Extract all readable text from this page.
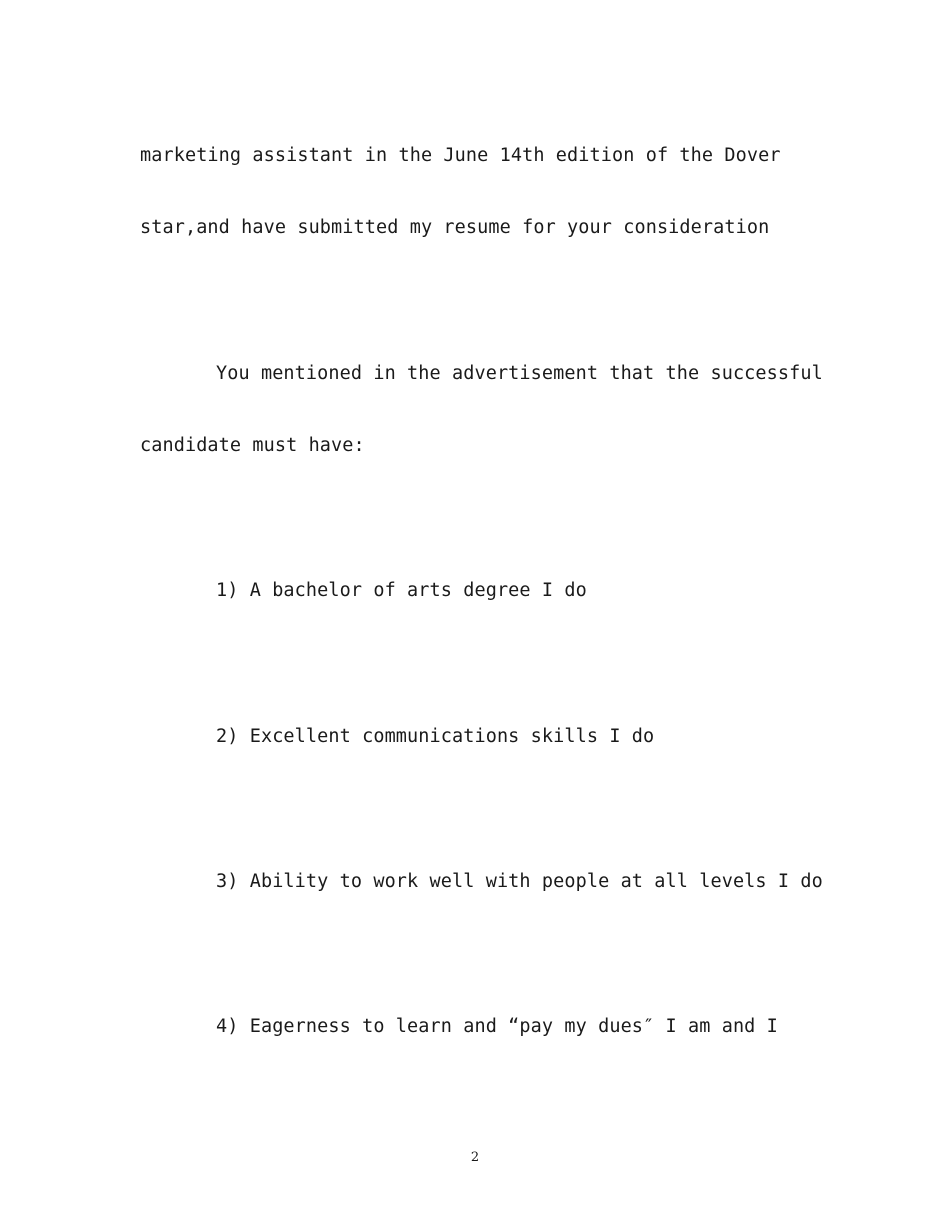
marketing assistant in the June 14th edition of the Dover
star,and have submitted my resume for your consideration
You mentioned in the advertisement that the successful
candidate must have:
1) A bachelor of arts degree I do
2) Excellent communications skills I do
3) Ability to work well with people at all levels I do
4) Eagerness to learn and “pay my dues″ I am and I
2
